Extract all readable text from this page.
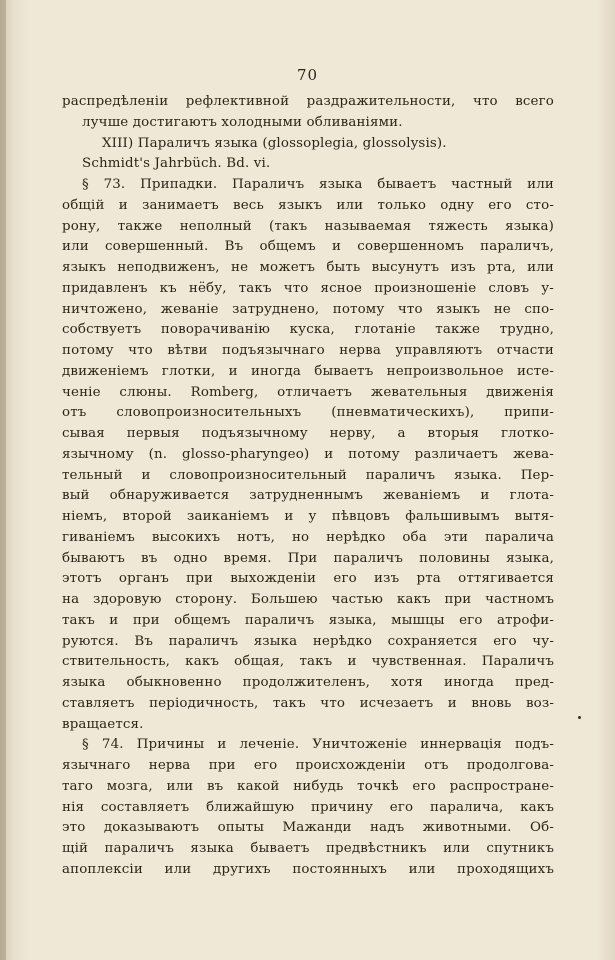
70
распредѣленіи рефлективной раздражительности, что всего
лучше достигаютъ холодными обливаніями.
XIII) Параличъ языка (glossoplegia, glossolysis).
Schmidt's Jahrbüch. Bd. vi.
§ 73. Припадки. Параличъ языка бываетъ частный или
общій и занимаетъ весь языкъ или только одну его сто-
рону, также неполный (такъ называемая тяжесть языка)
или совершенный. Въ общемъ и совершенномъ параличъ,
языкъ неподвиженъ, не можетъ быть высунутъ изъ рта, или
придавленъ къ нёбу, такъ что ясное произношеніе словъ у-
ничтожено, жеваніе затруднено, потому что языкъ не спо-
собствуетъ поворачиванію куска, глотаніе также трудно,
потому что вѣтви подъязычнаго нерва управляютъ отчасти
движеніемъ глотки, и иногда бываетъ непроизвольное исте-
ченіе слюны. Romberg, отличаетъ жевательныя движенія
отъ словопроизносительныхъ (пневматическихъ), припи-
сывая первыя подъязычному нерву, а вторыя глотко-
язычному (n. glosso-pharyngeo) и потому различаетъ жева-
тельный и словопроизносительный параличъ языка. Пер-
вый обнаруживается затрудненнымъ жеваніемъ и глота-
ніемъ, второй заиканіемъ и у пѣвцовъ фальшивымъ вытя-
гиваніемъ высокихъ нотъ, но нерѣдко оба эти паралича
бываютъ въ одно время. При параличъ половины языка,
этотъ органъ при выхожденіи его изъ рта оттягивается
на здоровую сторону. Большею частью какъ при частномъ
такъ и при общемъ параличъ языка, мышцы его атрофи-
руются. Въ параличъ языка нерѣдко сохраняется его чу-
ствительность, какъ общая, такъ и чувственная. Параличъ
языка обыкновенно продолжителенъ, хотя иногда пред-
ставляетъ періодичность, такъ что исчезаетъ и вновь воз-
вращается.
§ 74. Причины и леченіе. Уничтоженіе иннервація подъ-
язычнаго нерва при его происхожденіи отъ продолгова-
таго мозга, или въ какой нибудь точкѣ его распростране-
нія составляетъ ближайшую причину его паралича, какъ
это доказываютъ опыты Мажанди надъ животными. Об-
щій параличъ языка бываетъ предвѣстникъ или спутникъ
апоплексіи или другихъ постоянныхъ или проходящихъ
